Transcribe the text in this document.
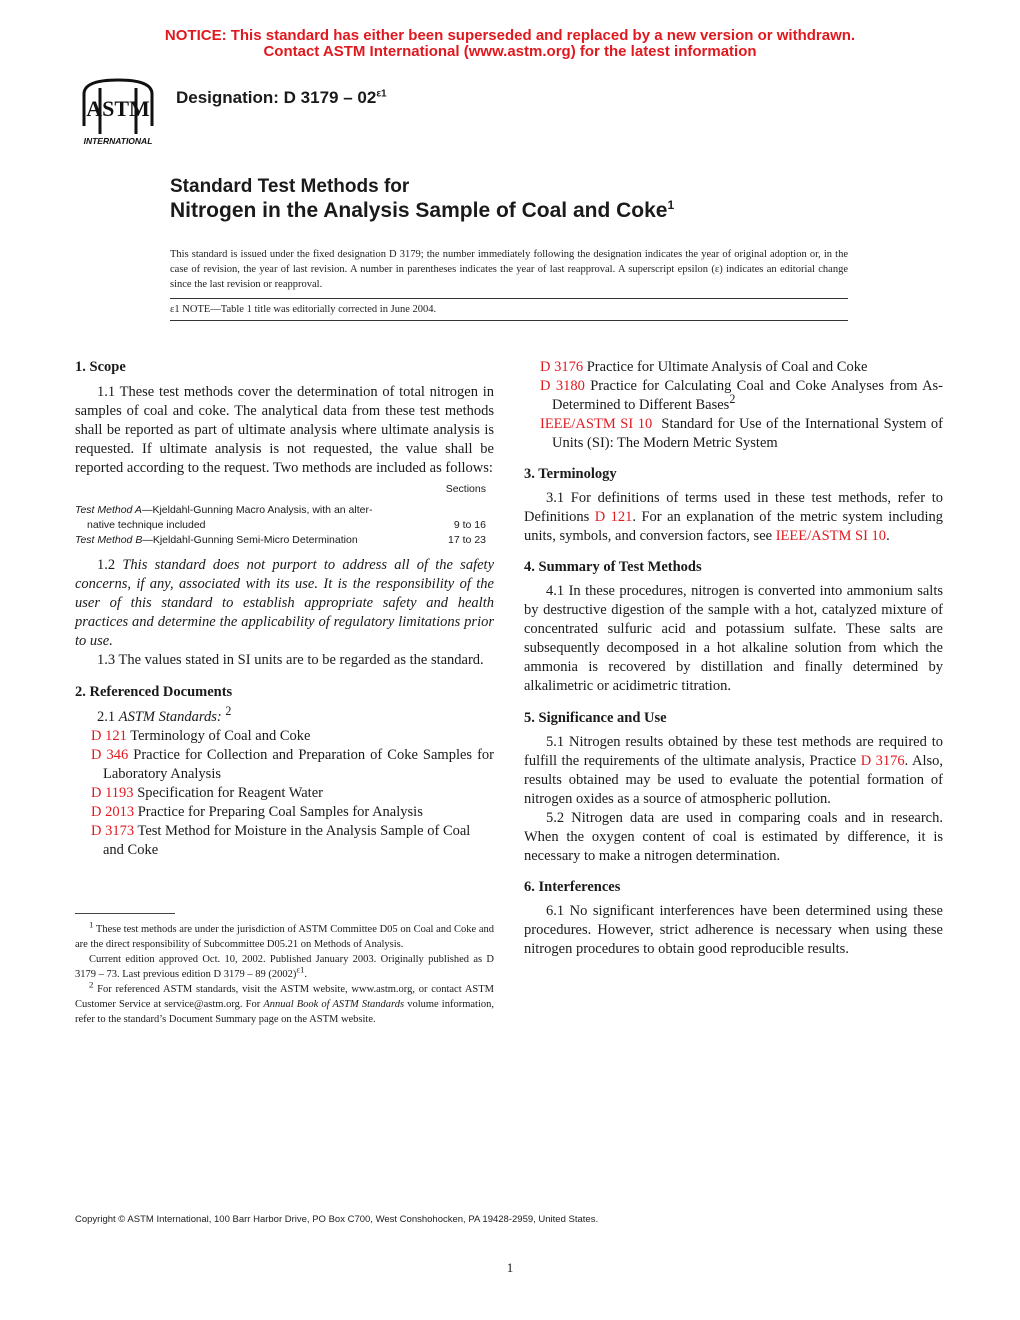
NOTICE: This standard has either been superseded and replaced by a new version or withdrawn.
Contact ASTM International (www.astm.org) for the latest information
ASTM
INTERNATIONAL
Designation: D $3179 - 02^{\varepsilon 1}$
Standard Test Methods for
Nitrogen in the Analysis Sample of Coal and Coke$^1$
This standard is issued under the fixed designation D 3179; the number immediately following the designation indicates the year of original adoption or, in the case of revision, the year of last revision. A number in parentheses indicates the year of last reapproval. A superscript epsilon (ε) indicates an editorial change since the last revision or reapproval.
ε1 NOTE—Table 1 title was editorially corrected in June 2004.

1. Scope

1.1 These test methods cover the determination of total nitrogen in samples of coal and coke. The analytical data from these test methods shall be reported as part of ultimate analysis where ultimate analysis is requested. If ultimate analysis is not requested, the value shall be reported according to the request. Two methods are included as follows:

Sections
Test Method A—Kjeldahl-Gunning Macro Analysis, with an alter-
native technique included	9 to 16
Test Method B—Kjeldahl-Gunning Semi-Micro Determination	17 to 23

1.2 This standard does not purport to address all of the safety concerns, if any, associated with its use. It is the responsibility of the user of this standard to establish appropriate safety and health practices and determine the applicability of regulatory limitations prior to use.

1.3 The values stated in SI units are to be regarded as the standard.

2. Referenced Documents

2.1 ASTM Standards: $^2$

D 121 Terminology of Coal and Coke

D 346 Practice for Collection and Preparation of Coke Samples for Laboratory Analysis

D 1193 Specification for Reagent Water

D 2013 Practice for Preparing Coal Samples for Analysis

D 3173 Test Method for Moisture in the Analysis Sample of Coal and Coke

$^1$ These test methods are under the jurisdiction of ASTM Committee D05 on Coal and Coke and are the direct responsibility of Subcommittee D05.21 on Methods of Analysis.

Current edition approved Oct. 10, 2002. Published January 2003. Originally published as D 3179 – 73. Last previous edition D 3179 – 89 $(2002)^{\varepsilon 1}$.

$^2$ For referenced ASTM standards, visit the ASTM website, www.astm.org, or contact ASTM Customer Service at service@astm.org. For Annual Book of ASTM Standards volume information, refer to the standard’s Document Summary page on the ASTM website.

D 3176 Practice for Ultimate Analysis of Coal and Coke

D 3180 Practice for Calculating Coal and Coke Analyses from As-Determined to Different Bases$^2$

IEEE/ASTM SI 10 Standard for Use of the International System of Units (SI): The Modern Metric System

3. Terminology

3.1 For definitions of terms used in these test methods, refer to Definitions D 121. For an explanation of the metric system including units, symbols, and conversion factors, see IEEE/ASTM SI 10.

4. Summary of Test Methods

4.1 In these procedures, nitrogen is converted into ammonium salts by destructive digestion of the sample with a hot, catalyzed mixture of concentrated sulfuric acid and potassium sulfate. These salts are subsequently decomposed in a hot alkaline solution from which the ammonia is recovered by distillation and finally determined by alkalimetric or acidimetric titration.

5. Significance and Use

5.1 Nitrogen results obtained by these test methods are required to fulfill the requirements of the ultimate analysis, Practice D 3176. Also, results obtained may be used to evaluate the potential formation of nitrogen oxides as a source of atmospheric pollution.

5.2 Nitrogen data are used in comparing coals and in research. When the oxygen content of coal is estimated by difference, it is necessary to make a nitrogen determination.

6. Interferences

6.1 No significant interferences have been determined using these procedures. However, strict adherence is necessary when using these nitrogen procedures to obtain good reproducible results.

Copyright © ASTM International, 100 Barr Harbor Drive, PO Box C700, West Conshohocken, PA 19428-2959, United States.
1
